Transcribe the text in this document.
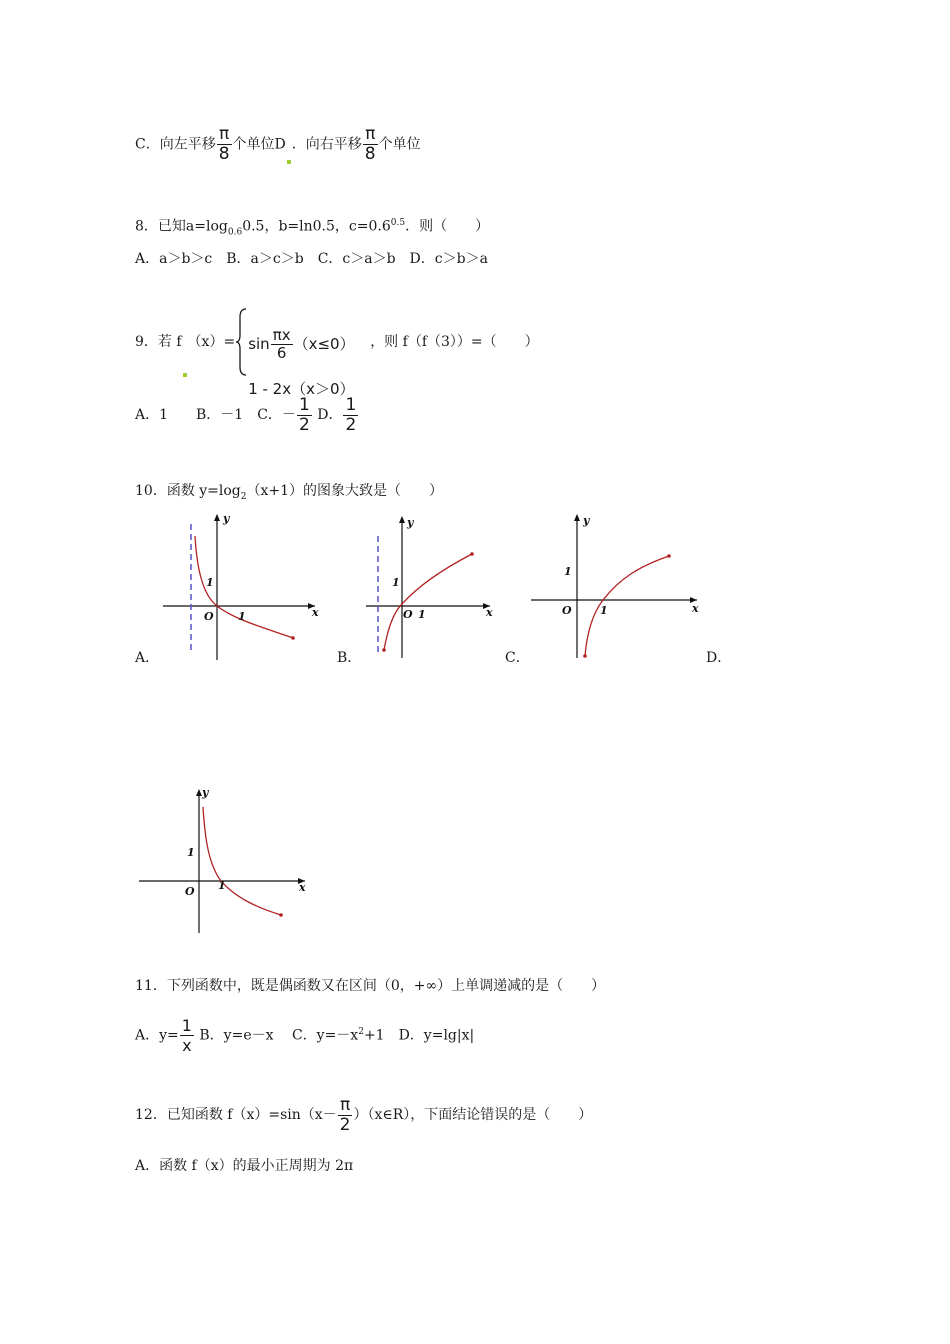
C．向左平移 $\frac{\pi}{8}$ 个单位D ．向右平移 $\frac{\pi}{8}$ 个单位
8．已知$a=\log_{0.6}0.5$，b=ln0.5，$c=0.6^{0.5}$．则（　　）
A．a＞b＞c　B．a＞c＞b　C．c＞a＞b　D．c＞b＞a
9．若 f $(x)= \sin \frac{\pi x}{6} (x\le 0)$
1 - 2x（x＞0）
，则 f（f（3））=（　　）
A．1　　B．－1　C．－ $\frac{1}{2}$ D． $\frac{1}{2}$
10．函数 $y=\log_2(x+1)$的图象大致是（　　）
A．	B．	C．	D．
x
y
O
1
1	x
y
O
1
1	x
y
O
1
1
x
y
O
1
1
11．下列函数中，既是偶函数又在区间（0，+∞）上单调递减的是（　　）
A．$y= \frac{1}{x}$ B．y=e－x　 C．$y=-x^2+1$　D．y=lg|x|
12．已知函数 $f(x)=\sin(x- \frac{\pi}{2}$ ）（x∈R），下面结论错误的是（　　）
A．函数 f（x）的最小正周期为 2π
